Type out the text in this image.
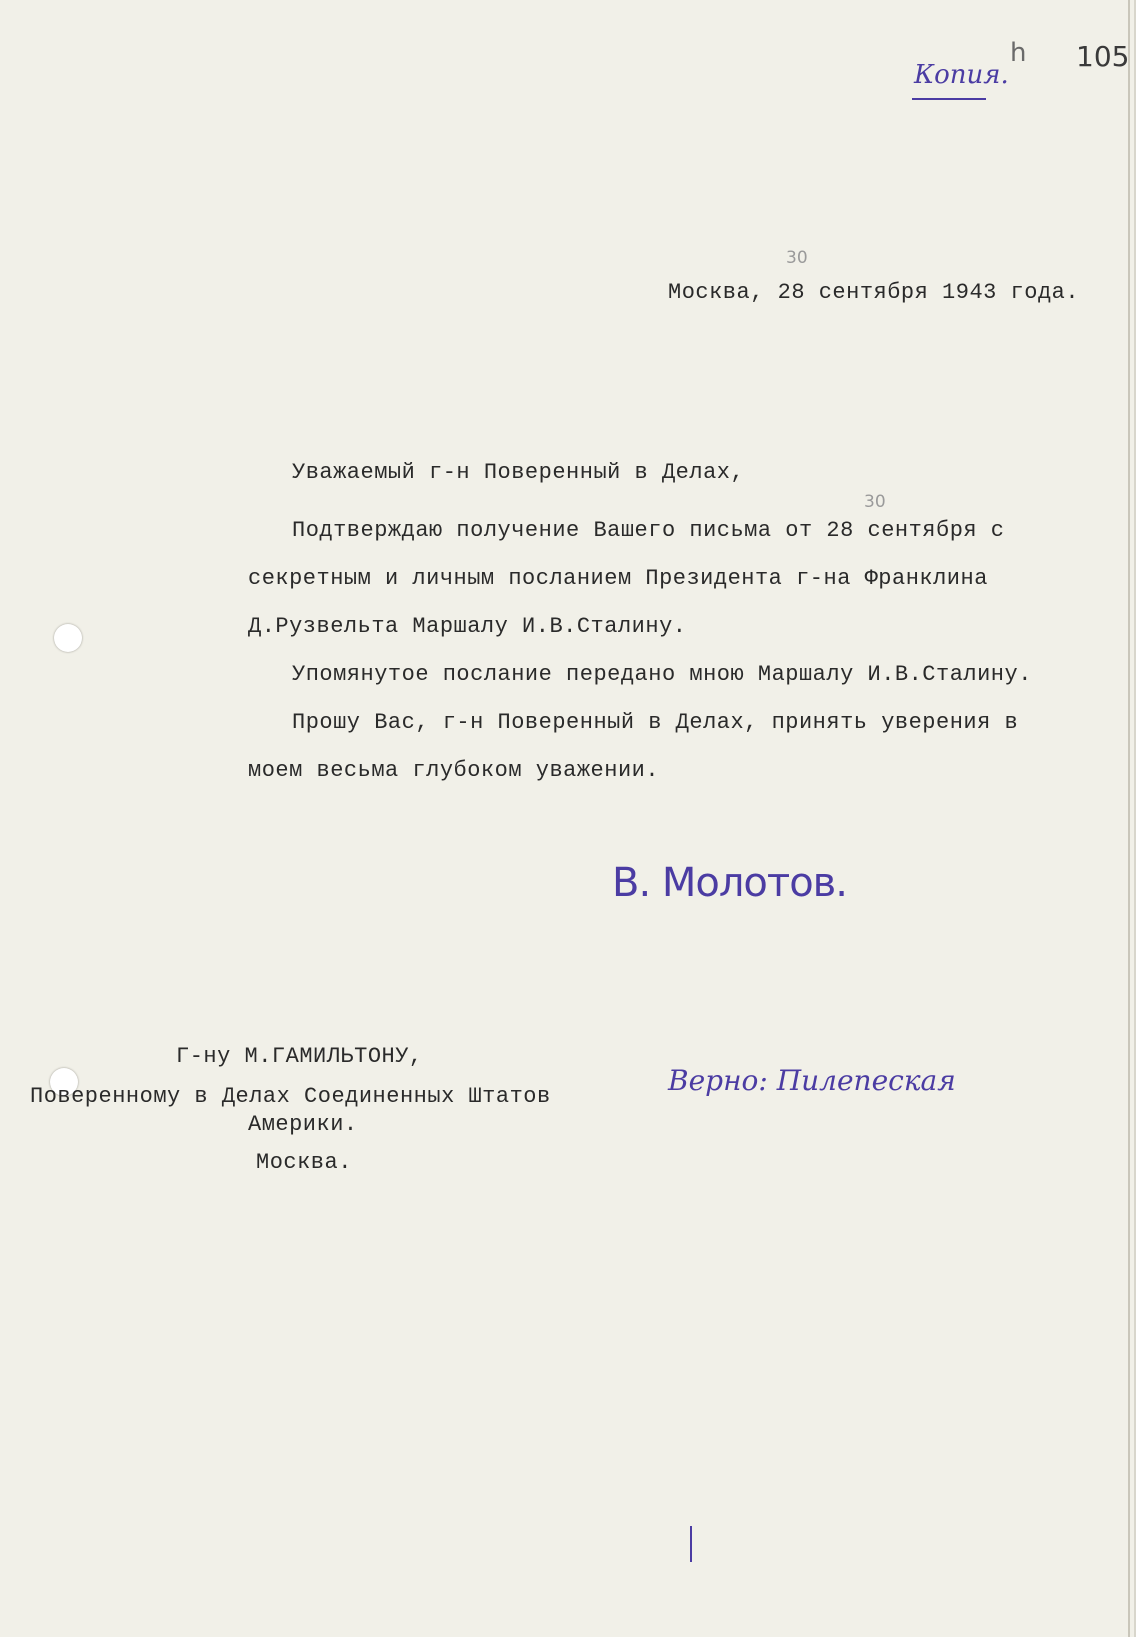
Копия.
h 105
30
Москва, 28 сентября 1943 года.
Уважаемый г-н Поверенный в Делах,
30
Подтверждаю получение Вашего письма от 28 сентября с
секретным и личным посланием Президента г-на Франклина
Д.Рузвельта Маршалу И.В.Сталину.
Упомянутое послание передано мною Маршалу И.В.Сталину.
Прошу Вас, г-н Поверенный в Делах, принять уверения в
моем весьма глубоком уважении.
В. Молотов.
Г-ну М.ГАМИЛЬТОНУ,
Поверенному в Делах Соединенных Штатов
Америки.
Москва.
Верно: Пилепеская
